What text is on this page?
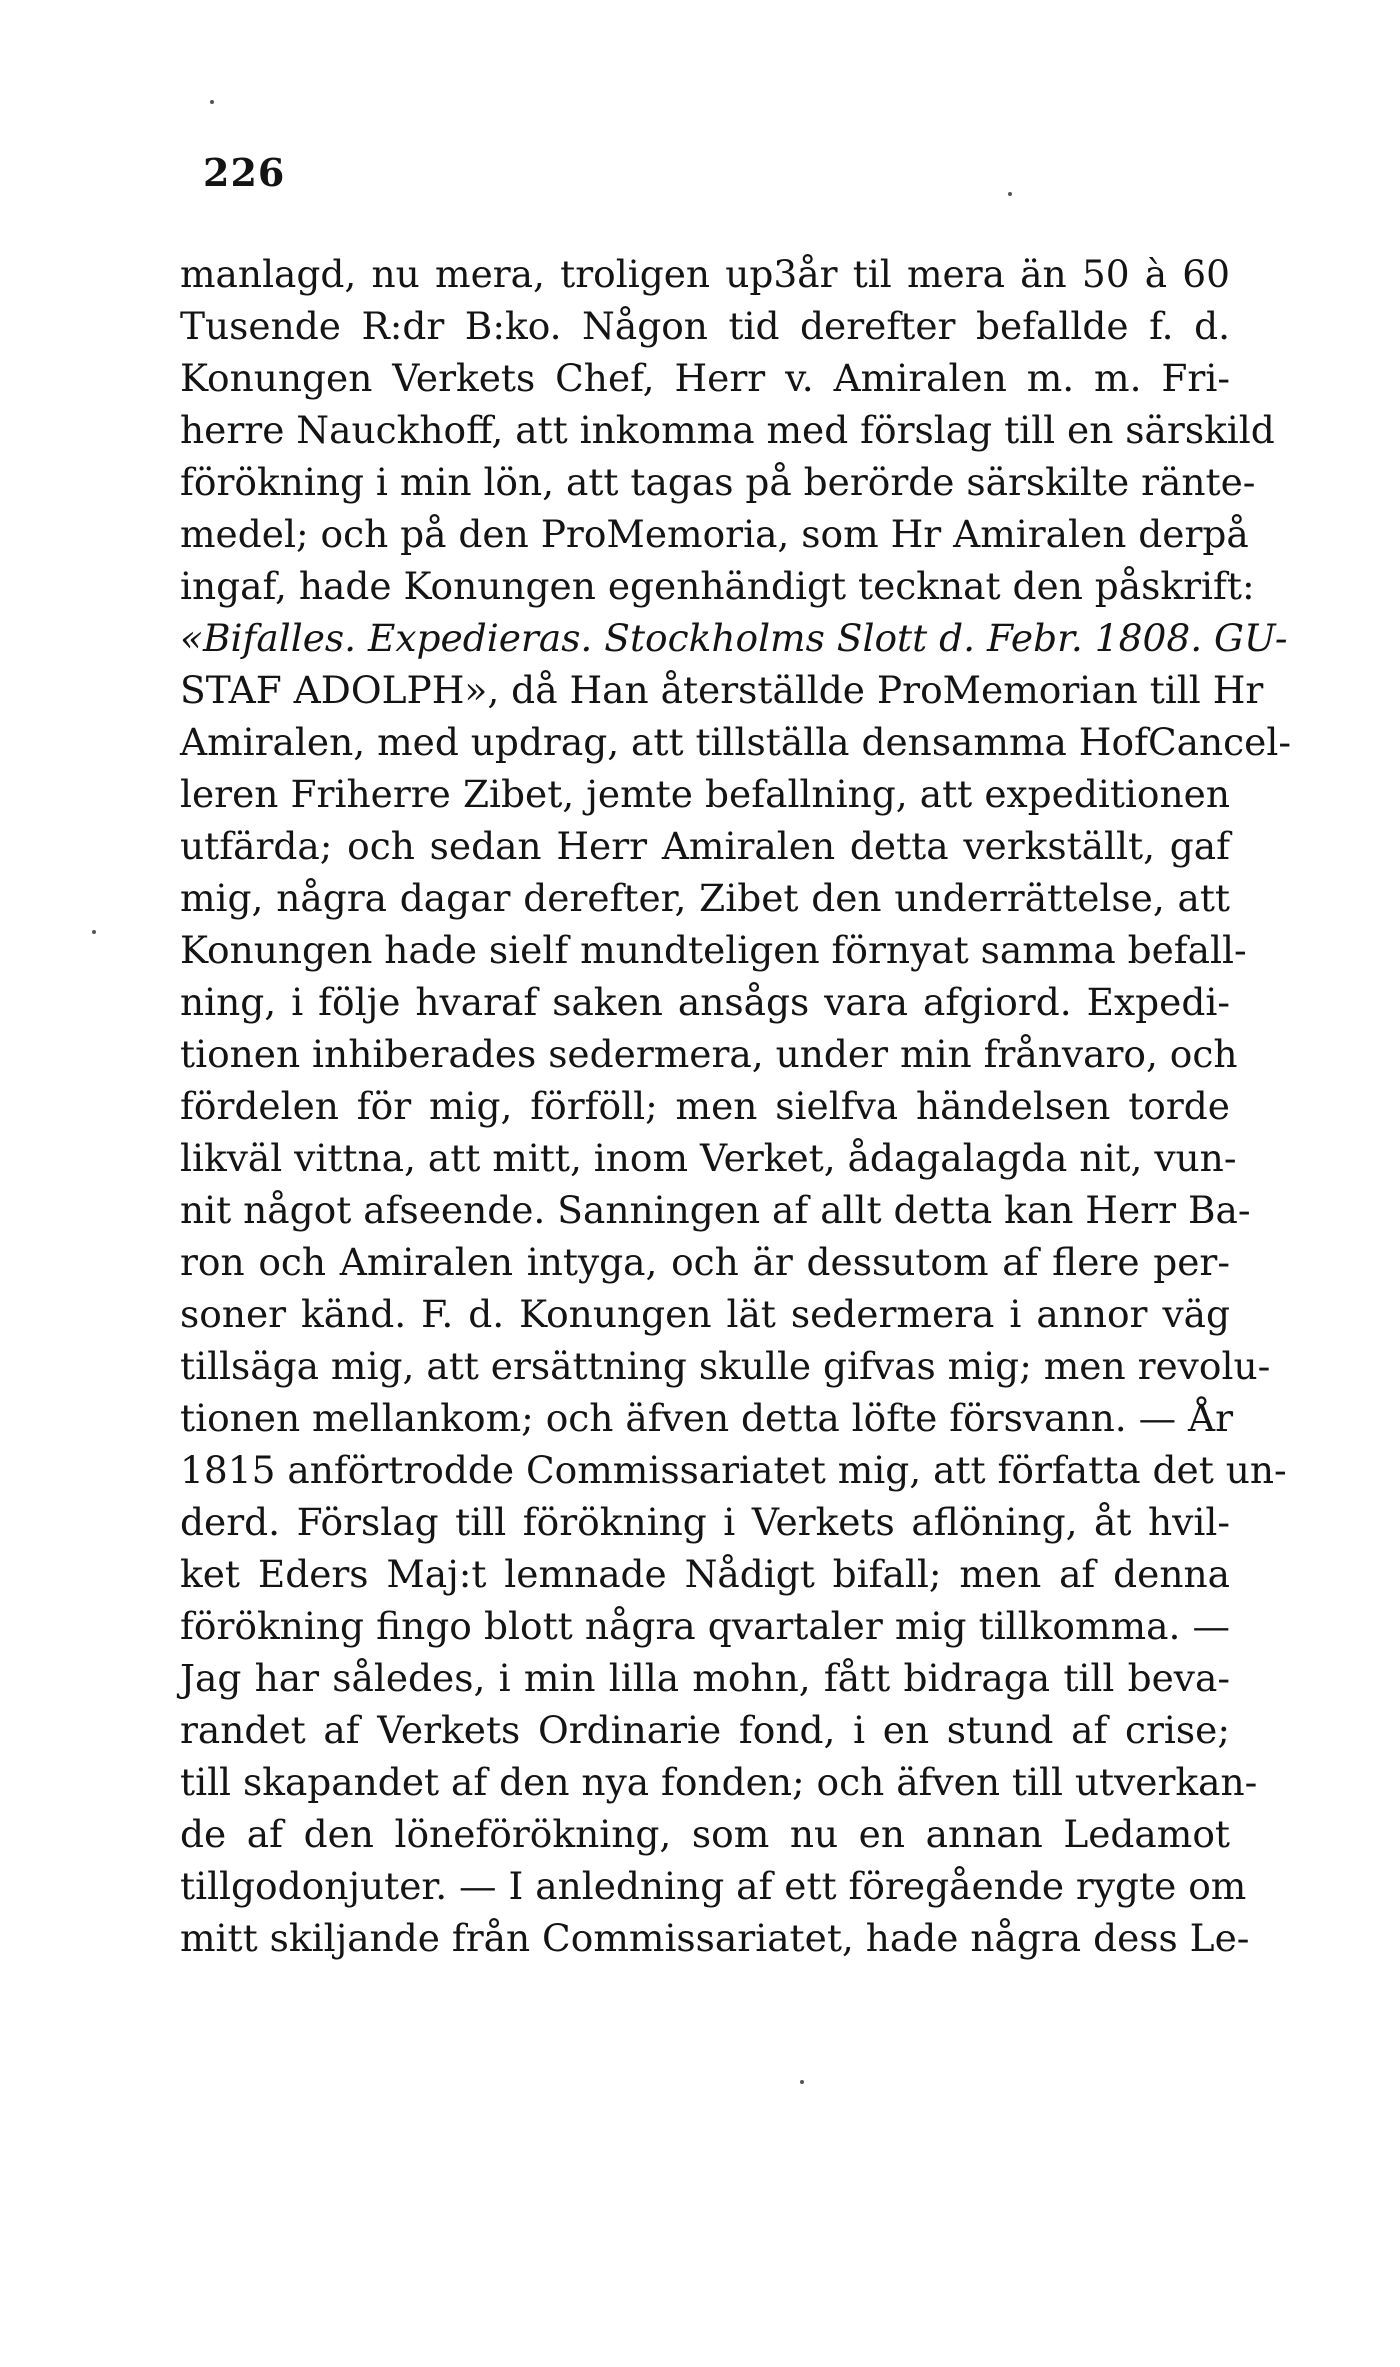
226

manlagd, nu mera, troligen up3år til mera än 50 à 60
Tusende R:dr B:ko. Någon tid derefter befallde f. d.
Konungen Verkets Chef, Herr v. Amiralen m. m. Fri-
herre Nauckhoff, att inkomma med förslag till en särskild
förökning i min lön, att tagas på berörde särskilte ränte-
medel; och på den ProMemoria, som Hr Amiralen derpå
ingaf, hade Konungen egenhändigt tecknat den påskrift:
«Bifalles. Expedieras. Stockholms Slott d. Febr. 1808. GU-
STAF ADOLPH», då Han återställde ProMemorian till Hr
Amiralen, med updrag, att tillställa densamma HofCancel-
leren Friherre Zibet, jemte befallning, att expeditionen
utfärda; och sedan Herr Amiralen detta verkställt, gaf
mig, några dagar derefter, Zibet den underrättelse, att
Konungen hade sielf mundteligen förnyat samma befall-
ning, i följe hvaraf saken ansågs vara afgiord. Expedi-
tionen inhiberades sedermera, under min frånvaro, och
fördelen för mig, förföll; men sielfva händelsen torde
likväl vittna, att mitt, inom Verket, ådagalagda nit, vun-
nit något afseende. Sanningen af allt detta kan Herr Ba-
ron och Amiralen intyga, och är dessutom af flere per-
soner känd. F. d. Konungen lät sedermera i annor väg
tillsäga mig, att ersättning skulle gifvas mig; men revolu-
tionen mellankom; och äfven detta löfte försvann. — År
1815 anförtrodde Commissariatet mig, att författa det un-
derd. Förslag till förökning i Verkets aflöning, åt hvil-
ket Eders Maj:t lemnade Nådigt bifall; men af denna
förökning fingo blott några qvartaler mig tillkomma. —
Jag har således, i min lilla mohn, fått bidraga till beva-
randet af Verkets Ordinarie fond, i en stund af crise;
till skapandet af den nya fonden; och äfven till utverkan-
de af den löneförökning, som nu en annan Ledamot
tillgodonjuter. — I anledning af ett föregående rygte om
mitt skiljande från Commissariatet, hade några dess Le-
